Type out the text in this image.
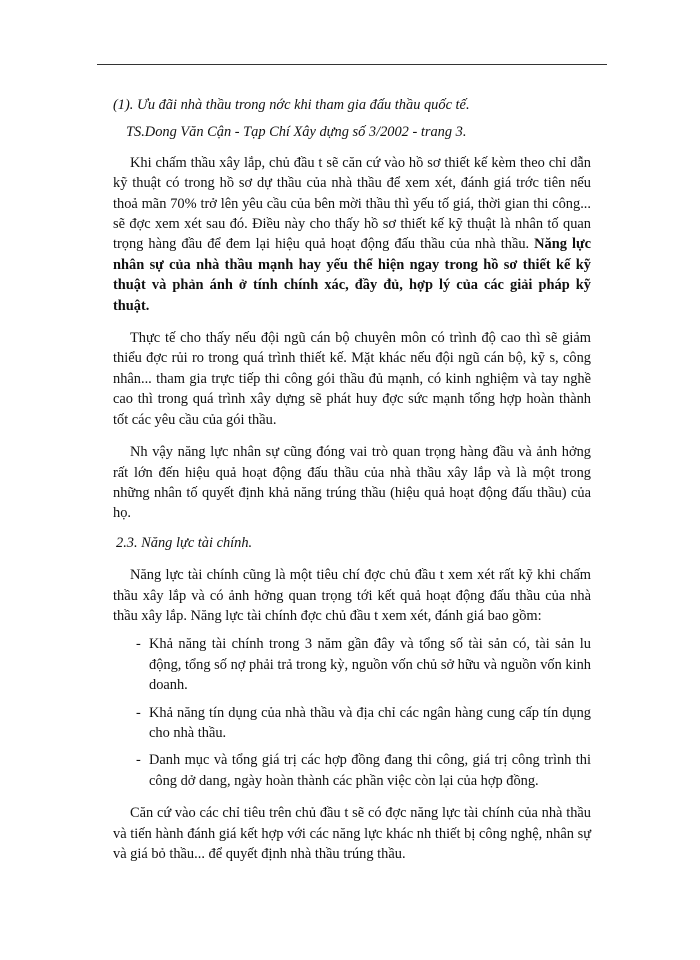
(1). Ưu đãi nhà thầu trong nớc khi tham gia đấu thầu quốc tế.

TS.Dong Văn Cận - Tạp Chí Xây dựng số 3/2002 - trang 3.

Khi chấm thầu xây lắp, chủ đầu t sẽ căn cứ vào hồ sơ thiết kế kèm theo chỉ dẫn kỹ thuật có trong hồ sơ dự thầu của nhà thầu để xem xét, đánh giá trớc tiên nếu thoả mãn 70% trở lên yêu cầu của bên mời thầu thì yếu tố giá, thời gian thi công... sẽ đợc xem xét sau đó. Điều này cho thấy hồ sơ thiết kế kỹ thuật là nhân tố quan trọng hàng đầu để đem lại hiệu quả hoạt động đấu thầu của nhà thầu. Năng lực nhân sự của nhà thầu mạnh hay yếu thể hiện ngay trong hồ sơ thiết kế kỹ thuật và phản ánh ở tính chính xác, đầy đủ, hợp lý của các giải pháp kỹ thuật.

Thực tế cho thấy nếu đội ngũ cán bộ chuyên môn có trình độ cao thì sẽ giảm thiểu đợc rủi ro trong quá trình thiết kế. Mặt khác nếu đội ngũ cán bộ, kỹ s, công nhân... tham gia trực tiếp thi công gói thầu đủ mạnh, có kinh nghiệm và tay nghề cao thì trong quá trình xây dựng sẽ phát huy đợc sức mạnh tổng hợp hoàn thành tốt các yêu cầu của gói thầu.

Nh vậy năng lực nhân sự cũng đóng vai trò quan trọng hàng đầu và ảnh hởng rất lớn đến hiệu quả hoạt động đấu thầu của nhà thầu xây lắp và là một trong những nhân tố quyết định khả năng trúng thầu (hiệu quả hoạt động đấu thầu) của họ.

2.3. Năng lực tài chính.

Năng lực tài chính cũng là một tiêu chí đợc chủ đầu t xem xét rất kỹ khi chấm thầu xây lắp và có ảnh hởng quan trọng tới kết quả hoạt động đấu thầu của nhà thầu xây lắp. Năng lực tài chính đợc chủ đầu t xem xét, đánh giá bao gồm:

- Khả năng tài chính trong 3 năm gần đây và tổng số tài sản có, tài sản lu động, tổng số nợ phải trả trong kỳ, nguồn vốn chủ sở hữu và nguồn vốn kinh doanh.
- Khả năng tín dụng của nhà thầu và địa chỉ các ngân hàng cung cấp tín dụng cho nhà thầu.
- Danh mục và tổng giá trị các hợp đồng đang thi công, giá trị công trình thi công dở dang, ngày hoàn thành các phần việc còn lại của hợp đồng.

Căn cứ vào các chỉ tiêu trên chủ đầu t sẽ có đợc năng lực tài chính của nhà thầu và tiến hành đánh giá kết hợp với các năng lực khác nh thiết bị công nghệ, nhân sự và giá bỏ thầu... để quyết định nhà thầu trúng thầu.
